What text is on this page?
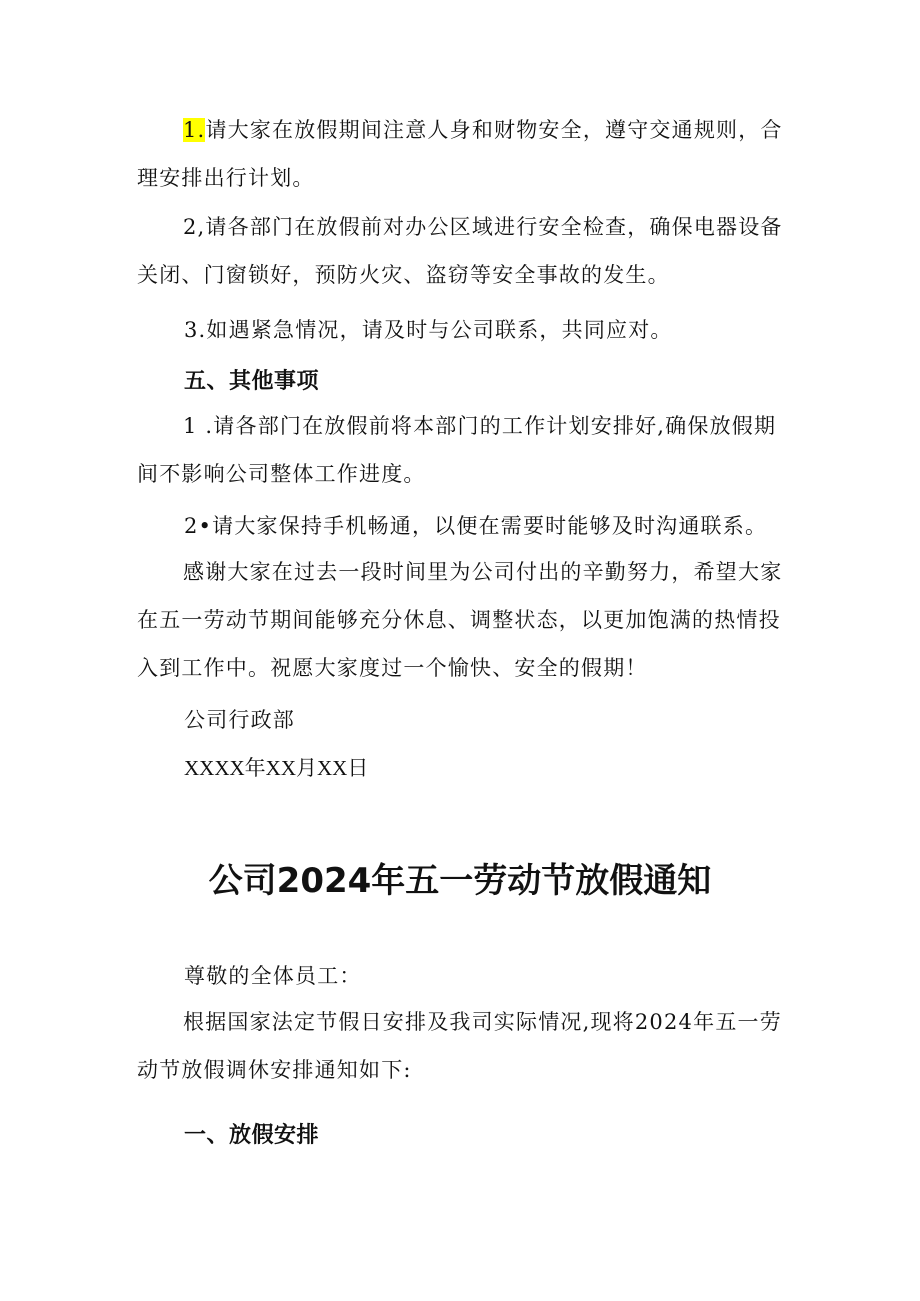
1.请大家在放假期间注意人身和财物安全，遵守交通规则，合理安排出行计划。

2,请各部门在放假前对办公区域进行安全检查，确保电器设备关闭、门窗锁好，预防火灾、盗窃等安全事故的发生。

3.如遇紧急情况，请及时与公司联系，共同应对。

五、其他事项

1 .请各部门在放假前将本部门的工作计划安排好,确保放假期间不影响公司整体工作进度。

2•请大家保持手机畅通，以便在需要时能够及时沟通联系。

感谢大家在过去一段时间里为公司付出的辛勤努力，希望大家在五一劳动节期间能够充分休息、调整状态，以更加饱满的热情投入到工作中。祝愿大家度过一个愉快、安全的假期！

公司行政部

XXXX年XX月XX日

公司2024年五一劳动节放假通知

尊敬的全体员工：

根据国家法定节假日安排及我司实际情况,现将2024年五一劳动节放假调休安排通知如下:

一、放假安排
